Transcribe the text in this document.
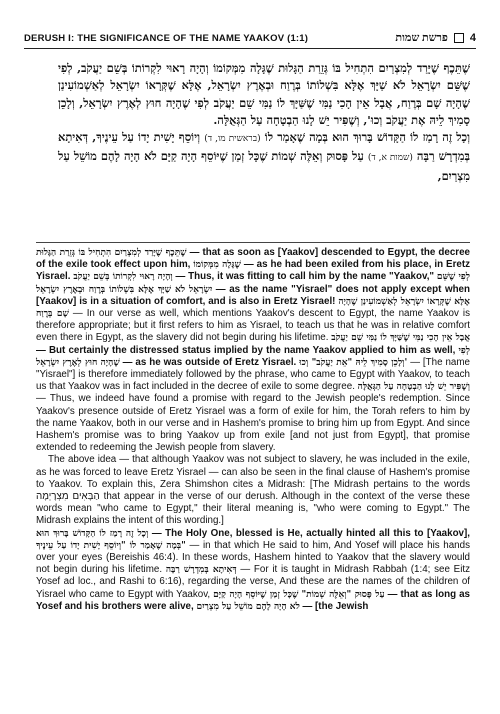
DERUSH I: THE SIGNIFICANCE OF THE NAME YAAKOV (1:1)	פרשת שמות 4

שֶׁתֵּכֶף שֶׁיָּרַד לְמִצְרַיִם הִתְחִיל בּוֹ גְּזֵרַת הַגָּלוּת שֶׁגָּלָה מִמְּקוֹמוֹ וְהָיָה רָאוּי לִקְרוֹתוֹ בְּשֵׁם יַעֲקֹב, לְפִי שֶׁשֵּׁם יִשְׂרָאֵל לֹא שַׁיָּךְ אֶלָּא בִּשְׁלוֹתוֹ בְּרֶוַח וּבְאֶרֶץ יִשְׂרָאֵל, אֶלָּא שֶׁקְּרָאוֹ יִשְׂרָאֵל לְאַשְׁמוֹעִינַן שֶׁהָיָה שָׁם בְּרֶוַח, אֲבָל אֵין הָכִי נַמִּי שֶׁשַּׁיָּךְ לוֹ נַמִּי שֵׁם יַעֲקֹב לְפִי שֶׁהָיָה חוּץ לְאֶרֶץ יִשְׂרָאֵל, וְלָכֵן סָמִיךְ לֵיהּ אֶת יַעֲקֹב וְכוּ', וְשֶׁפִּיר יֵשׁ לָנוּ הַבְטָחָה עַל הַגְּאֻלָּה.

וְכָל זֶה רָמַז לוֹ הַקָּדוֹשׁ בָּרוּךְ הוּא בְּמָה שֶׁאָמַר לוֹ (בראשית מו, ד) וְיוֹסֵף יָשִׁית יָדוֹ עַל עֵינֶיךָ, דְּאִיתָא בְּמִדְרָשׁ רַבָּה (שמות א, ד) עַל פָּסוּק וְאֵלֶּה שְׁמוֹת שֶׁכָּל זְמַן שֶׁיּוֹסֵף הָיָה קַיָּם לֹא הָיָה לָהֶם מוֹשֵׁל עַל מִצְרַיִם,

שֶׁתֵּכֶף שֶׁיָּרַד לְמִצְרַיִם הִתְחִיל בּוֹ גְּזֵרַת הַגָּלוּת — that as soon as [Yaakov] descended to Egypt, the decree of the exile took effect upon him, שֶׁגָּלָה מִמְּקוֹמוֹ — as he had been exiled from his place, in Eretz Yisrael. וְהָיָה רָאוּי לִקְרוֹתוֹ בְּשֵׁם יַעֲקֹב — Thus, it was fitting to call him by the name "Yaakov," לְפִי שֶׁשֵּׁם יִשְׂרָאֵל לֹא שַׁיָּךְ אֶלָּא בִּשְׁלוֹתוֹ בְּרֶוַח וּבְאֶרֶץ יִשְׂרָאֵל — as the name "Yisrael" does not apply except when [Yaakov] is in a situation of comfort, and is also in Eretz Yisrael! אֶלָּא שֶׁקְּרָאוֹ יִשְׂרָאֵל לְאַשְׁמוֹעִינַן שֶׁהָיָה שָׁם בְּרֶוַח — In our verse as well, which mentions Yaakov's descent to Egypt, the name Yaakov is therefore appropriate; but it first refers to him as Yisrael, to teach us that he was in relative comfort even there in Egypt, as the slavery did not begin during his lifetime. אֲבָל אֵין הָכִי נַמִּי שֶׁשַּׁיָּךְ לוֹ נַמִּי שֵׁם יַעֲקֹב — But certainly the distressed status implied by the name Yaakov applied to him as well, לְפִי שֶׁהָיָה חוּץ לְאֶרֶץ יִשְׂרָאֵל — as he was outside of Eretz Yisrael. וְלָכֵן סָמִיךְ לֵיהּ "אֵת יַעֲקֹב" וְכוּ' — [The name "Yisrael"] is therefore immediately followed by the phrase, who came to Egypt with Yaakov, to teach us that Yaakov was in fact included in the decree of exile to some degree. וְשֶׁפִּיר יֵשׁ לָנוּ הַבְטָחָה עַל הַגְּאֻלָּה — Thus, we indeed have found a promise with regard to the Jewish people's redemption. Since Yaakov's presence outside of Eretz Yisrael was a form of exile for him, the Torah refers to him by the name Yaakov, both in our verse and in Hashem's promise to bring him up from Egypt. And since Hashem's promise was to bring Yaakov up from exile [and not just from Egypt], that promise extended to redeeming the Jewish people from slavery.

The above idea — that although Yaakov was not subject to slavery, he was included in the exile, as he was forced to leave Eretz Yisrael — can also be seen in the final clause of Hashem's promise to Yaakov. To explain this, Zera Shimshon cites a Midrash: [The Midrash pertains to the words הַבָּאִים מִצְרָיְמָה that appear in the verse of our derush. Although in the context of the verse these words mean "who came to Egypt," their literal meaning is, "who were coming to Egypt." The Midrash explains the intent of this wording.]

וְכָל זֶה רָמַז לוֹ הַקָּדוֹשׁ בָּרוּךְ הוּא — The Holy One, blessed is He, actually hinted all this to [Yaakov], בְּמָה שֶׁאָמַר לוֹ "וְיוֹסֵף יָשִׁית יָדוֹ עַל עֵינֶיךָ" — in that which He said to him, And Yosef will place his hands over your eyes (Bereishis 46:4). In these words, Hashem hinted to Yaakov that the slavery would not begin during his lifetime. דְּאִיתָא בְּמִדְרָשׁ רַבָּה — For it is taught in Midrash Rabbah (1:4; see Eitz Yosef ad loc., and Rashi to 6:16), regarding the verse, And these are the names of the children of Yisrael who came to Egypt with Yaakov,	עַל פָּסוּק "וְאֵלֶּה שְׁמוֹת" שֶׁכָּל זְמַן שֶׁיּוֹסֵף הָיָה קַיָּם	— that as long as Yosef and his brothers were alive, לֹא הָיָה לָהֶם מוֹשֵׁל עַל מִצְרַיִם — [the Jewish
